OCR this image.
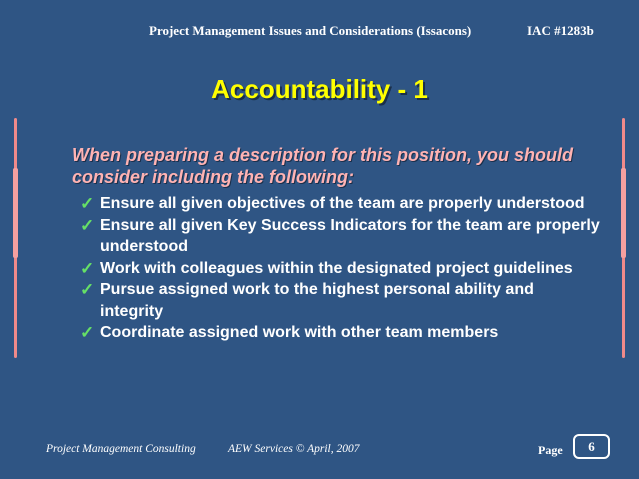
Project Management Issues and Considerations (Issacons)	IAC #1283b
Accountability - 1
When preparing a description for this position, you should consider including the following:
✓ Ensure all given objectives of the team are properly understood
✓ Ensure all given Key Success Indicators for the team are properly understood
✓ Work with colleagues within the designated project guidelines
✓ Pursue assigned work to the highest personal ability and integrity
✓ Coordinate assigned work with other team members
Project Management Consulting	AEW Services © April, 2007	Page 6
